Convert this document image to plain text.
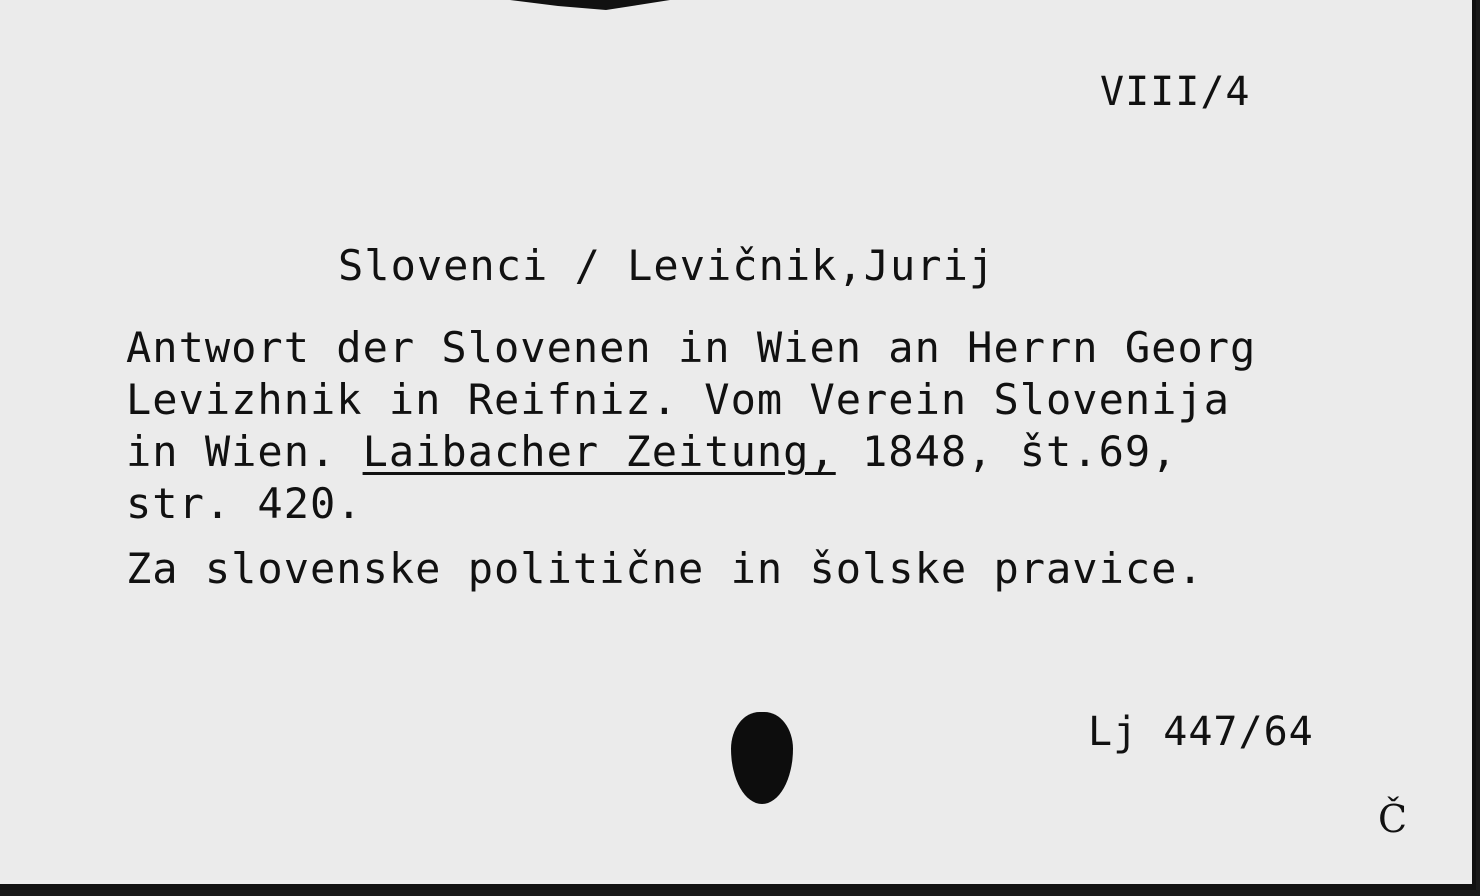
VIII/4
Slovenci / Levičnik,Jurij
Antwort der Slovenen in Wien an Herrn Georg
Levizhnik in Reifniz. Vom Verein Slovenija
in Wien. Laibacher Zeitung, 1848, št.69,
str. 420.
Za slovenske politične in šolske pravice.
Lj 447/64
Č
